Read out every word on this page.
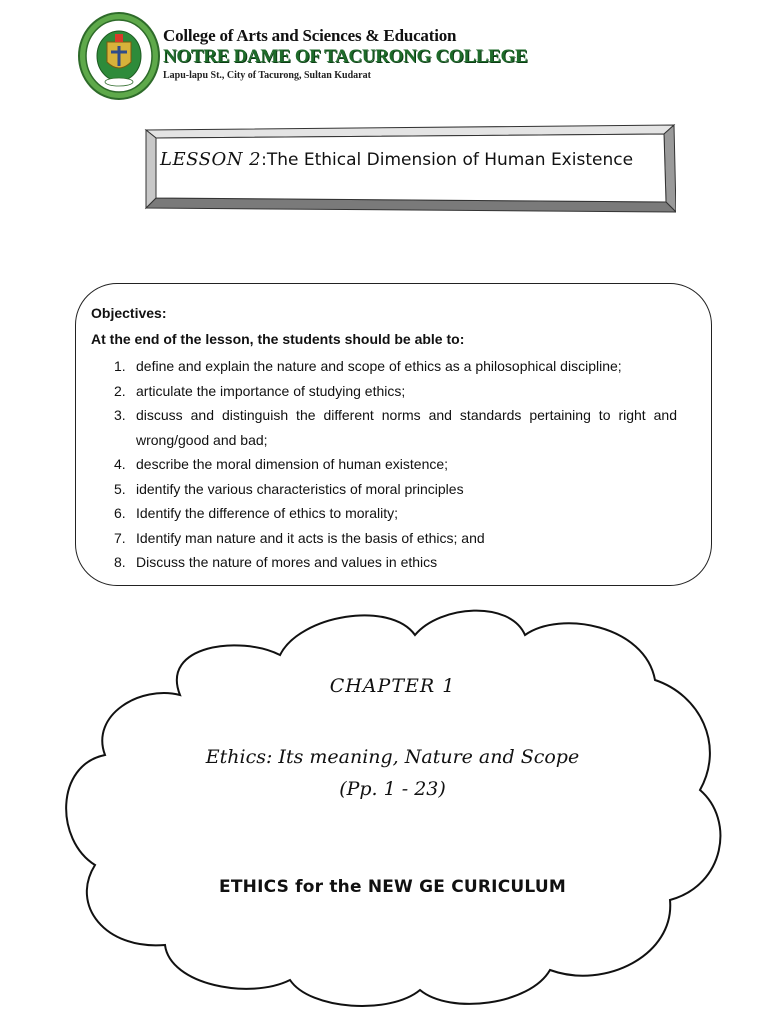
College of Arts and Sciences & Education
NOTRE DAME OF TACURONG COLLEGE
Lapu-lapu St., City of Tacurong, Sultan Kudarat
LESSON 2:The Ethical Dimension of Human Existence
Objectives:
At the end of the lesson, the students should be able to:
1. define and explain the nature and scope of ethics as a philosophical discipline;
2. articulate the importance of studying ethics;
3. discuss and distinguish the different norms and standards pertaining to right and wrong/good and bad;
4. describe the moral dimension of human existence;
5. identify the various characteristics of moral principles
6. Identify the difference of ethics to morality;
7. Identify man nature and it acts is the basis of ethics; and
8. Discuss the nature of mores and values in ethics
CHAPTER 1
Ethics: Its meaning, Nature and Scope
(Pp. 1 - 23)
ETHICS for the NEW GE CURICULUM
